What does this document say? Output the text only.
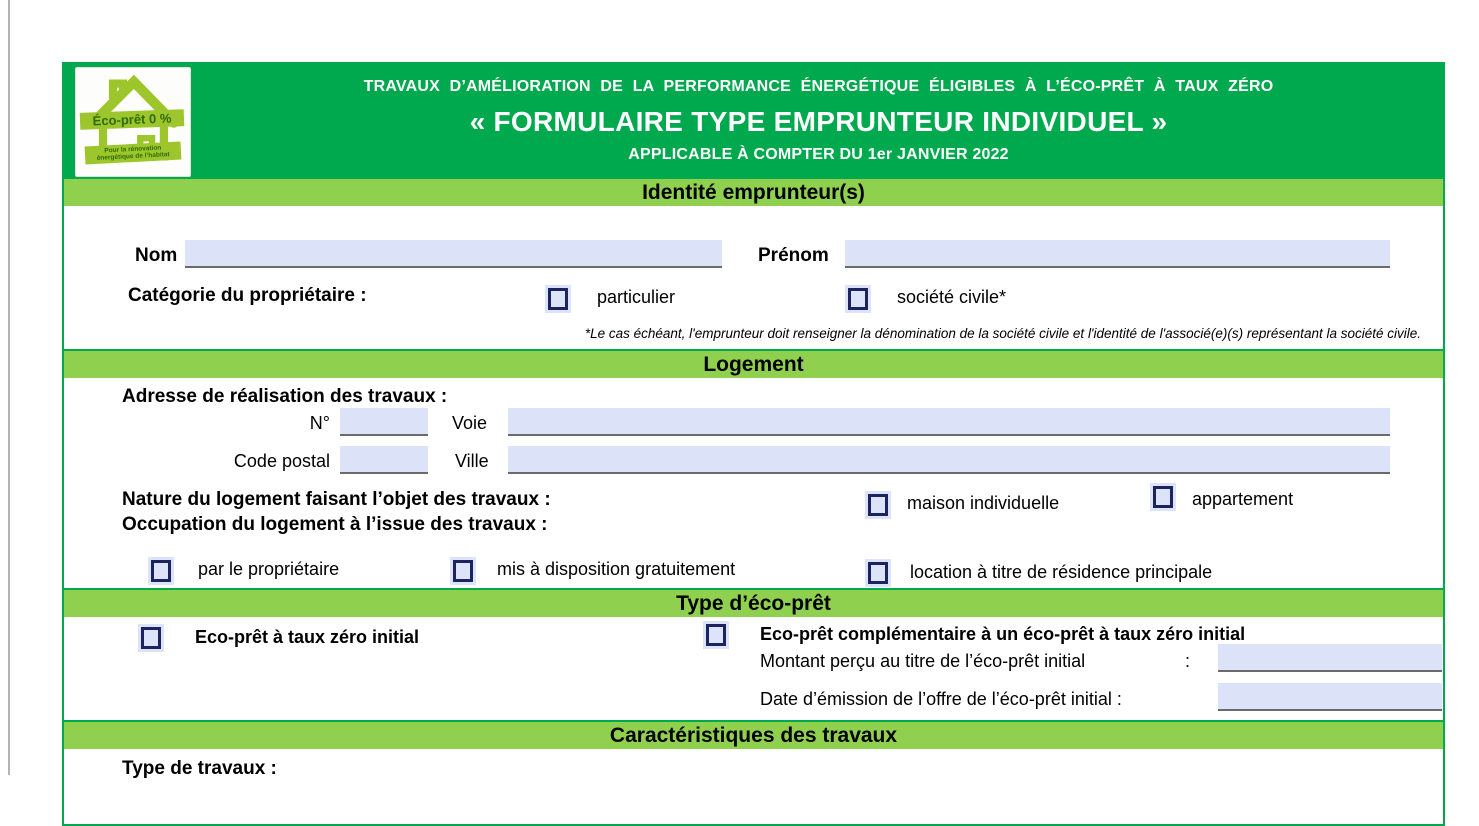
Éco-prêt 0 %
Pour la rénovation énergétique de l’habitat
TRAVAUX D’AMÉLIORATION DE LA PERFORMANCE ÉNERGÉTIQUE ÉLIGIBLES À L’ÉCO-PRÊT À TAUX ZÉRO
« FORMULAIRE TYPE EMPRUNTEUR INDIVIDUEL »
APPLICABLE À COMPTER DU 1er JANVIER 2022
Identité emprunteur(s)
Nom	Prénom
Catégorie du propriétaire :	particulier	société civile*
*Le cas échéant, l'emprunteur doit renseigner la dénomination de la société civile et l'identité de l'associé(e)(s) représentant la société civile.
Logement
Adresse de réalisation des travaux :
N°	Voie
Code postal	Ville
Nature du logement faisant l’objet des travaux :	maison individuelle	appartement
Occupation du logement à l’issue des travaux :
par le propriétaire	mis à disposition gratuitement	location à titre de résidence principale
Type d’éco-prêt
Eco-prêt à taux zéro initial	Eco-prêt complémentaire à un éco-prêt à taux zéro initial
Montant perçu au titre de l’éco-prêt initial	:
Date d’émission de l’offre de l’éco-prêt initial :
Caractéristiques des travaux
Type de travaux :
